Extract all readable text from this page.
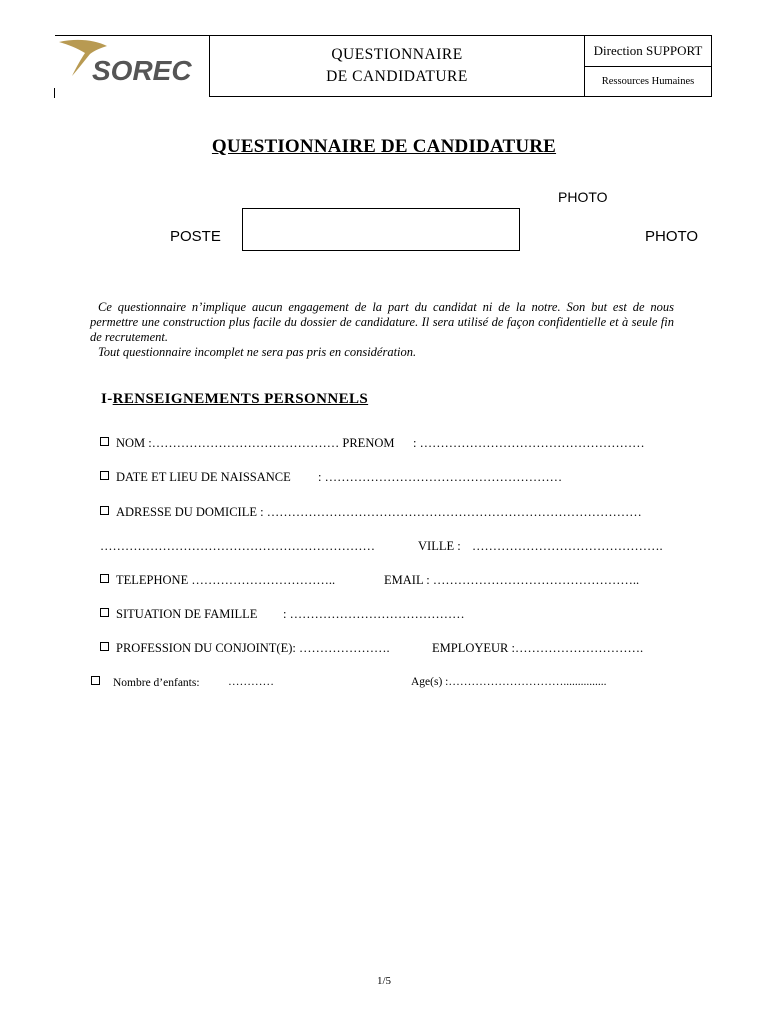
SOREC

QUESTIONNAIRE
DE CANDIDATURE
	Direction SUPPORT
Ressources Humaines
QUESTIONNAIRE DE CANDIDATURE
PHOTO
POSTE	PHOTO

Ce questionnaire n’implique aucun engagement de la part du candidat ni de la notre. Son but est de nous permettre une construction plus facile du dossier de candidature. Il sera utilisé de façon confidentielle et à seule fin de recrutement.

Tout questionnaire incomplet ne sera pas pris en considération.

I-RENSEIGNEMENTS PERSONNELS
NOM :……………………………………… PRENOM : ………………………………………………
DATE ET LIEU DE NAISSANCE : …………………………………………………
ADRESSE DU DOMICILE : ………………………………………………………………………………
…………………………………………………………	VILLE : ……………………………………….
TELEPHONE ……………………………..	EMAIL : …………………………………………..
SITUATION DE FAMILLE : ……………………………………
PROFESSION DU CONJOINT(E): ………………….	EMPLOYEUR :………………………….
Nombre d’enfants: …………	Age(s) :…………………………...............
1/5
